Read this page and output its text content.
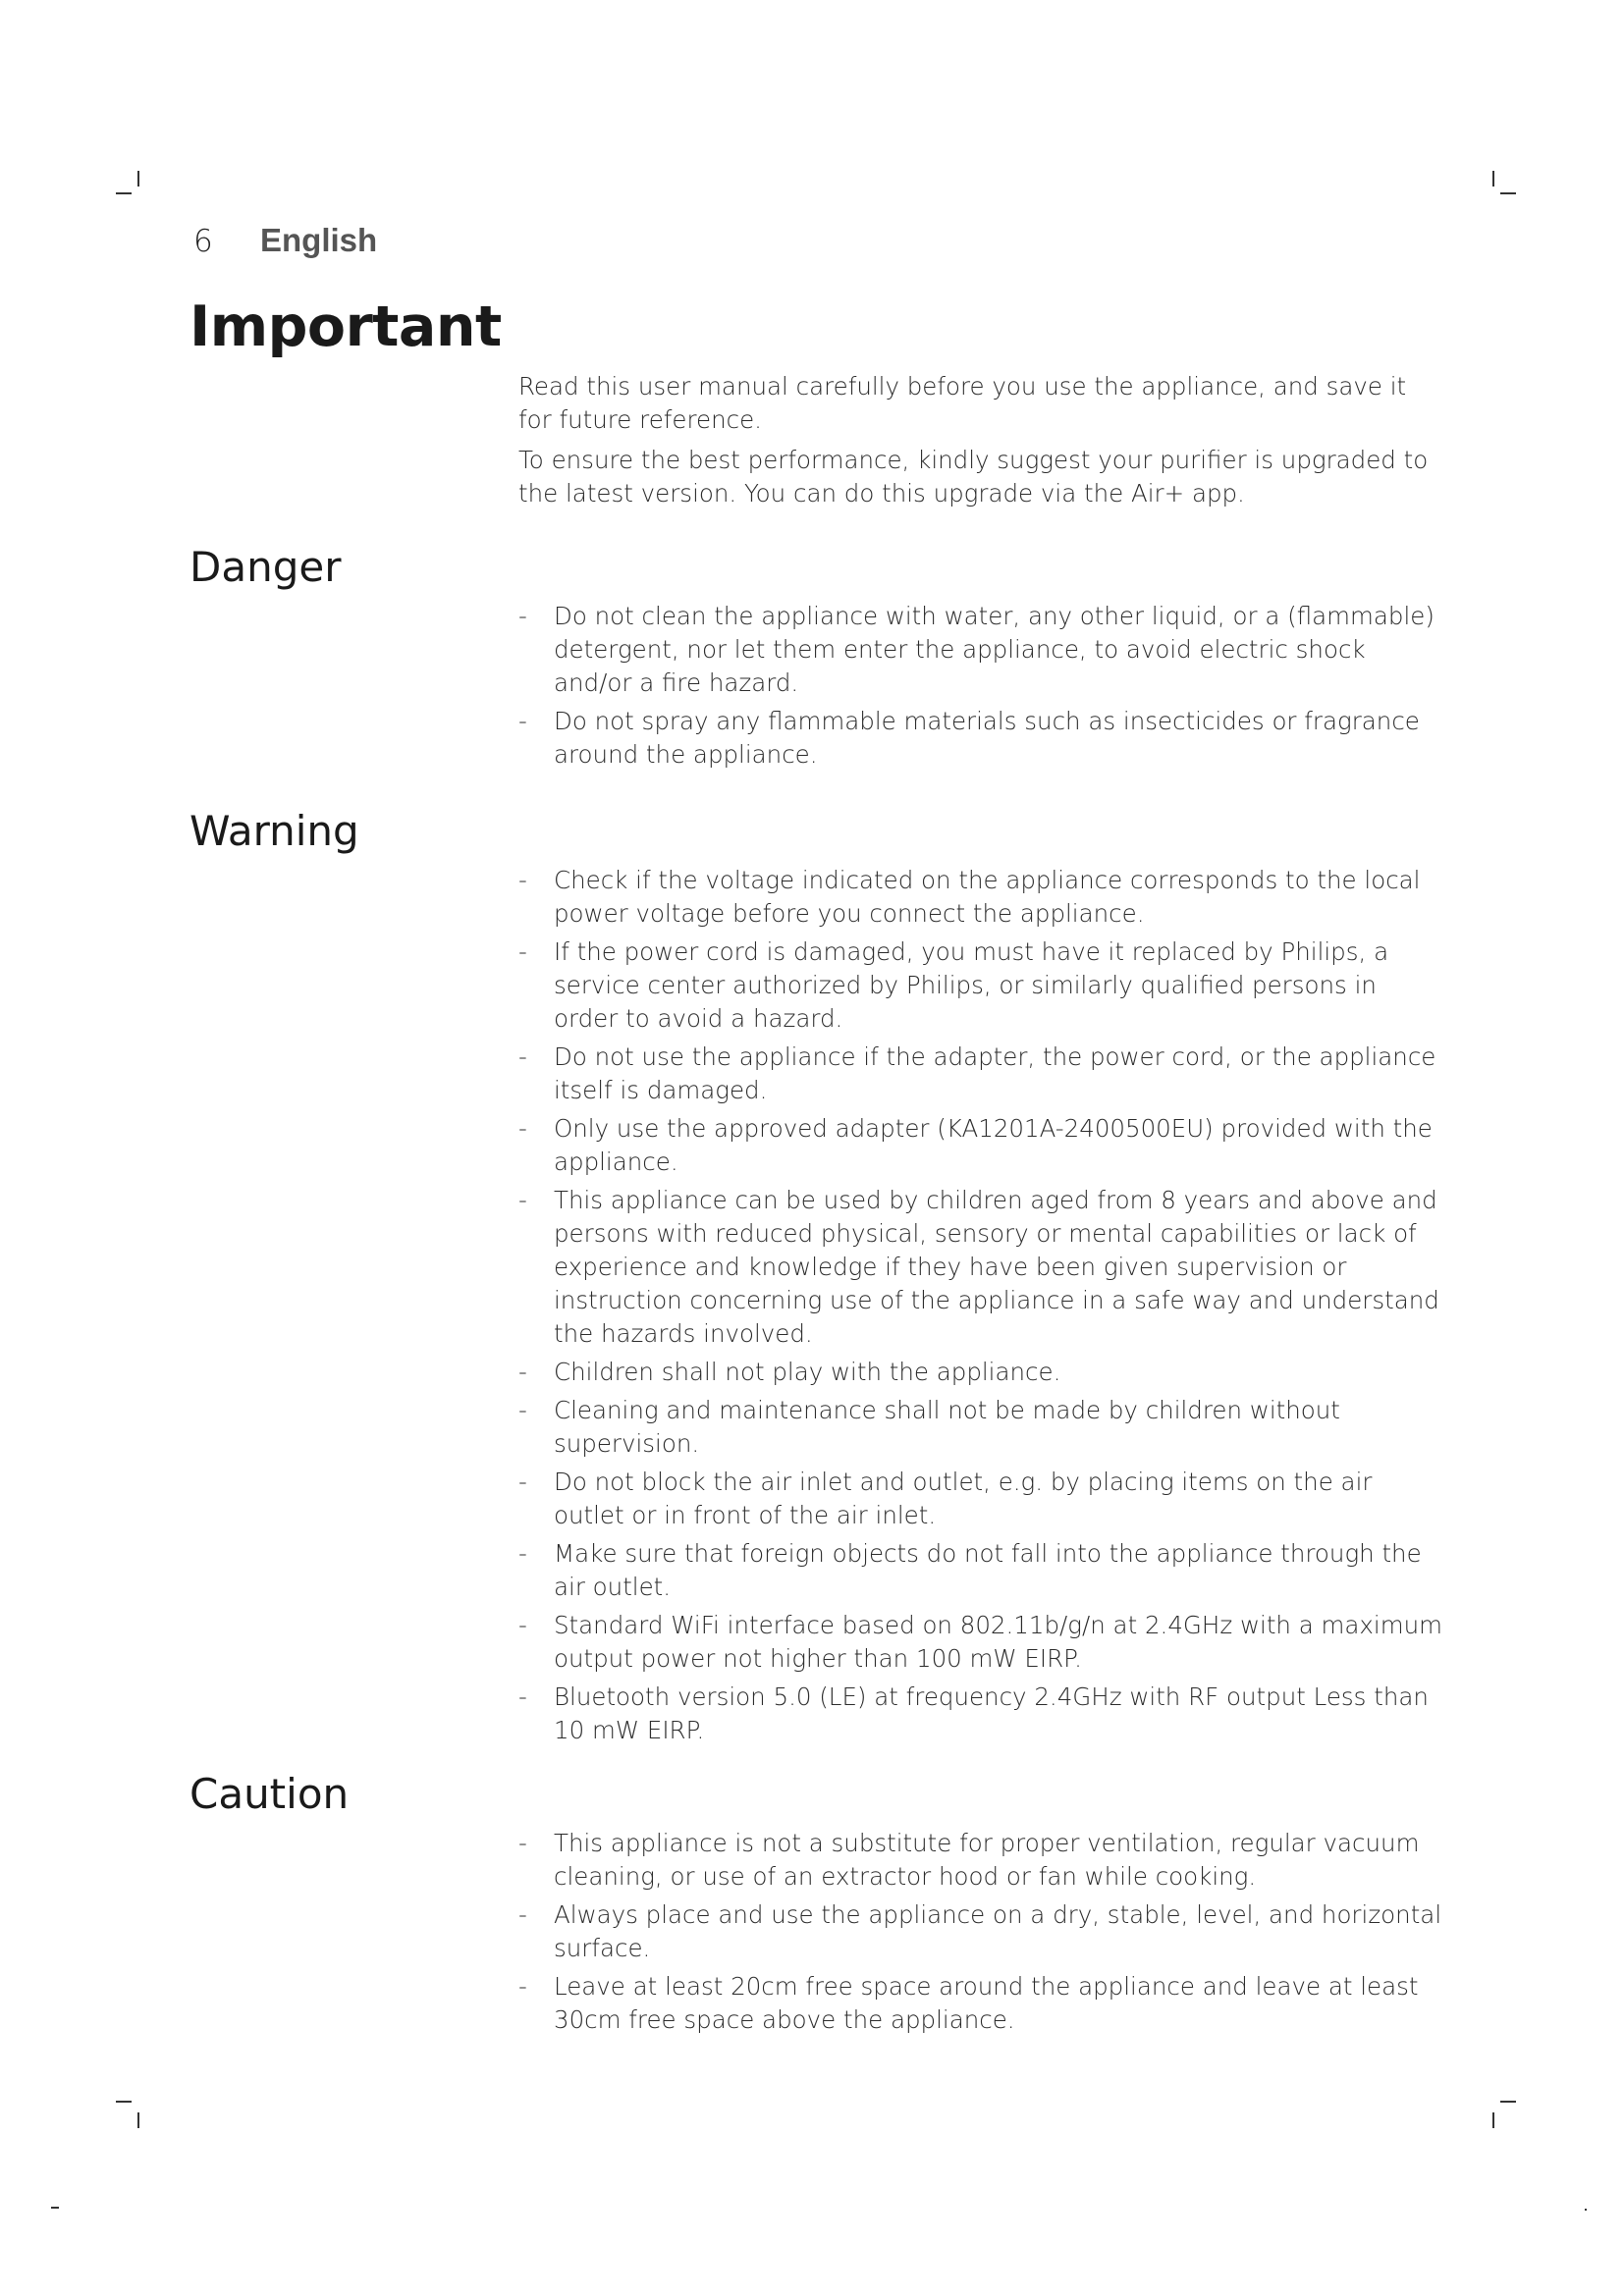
6	English
Important

Read this user manual carefully before you use the appliance, and save it for future reference.

To ensure the best performance, kindly suggest your purifier is upgraded to the latest version. You can do this upgrade via the Air+ app.

Danger
- Do not clean the appliance with water, any other liquid, or a (flammable) detergent, nor let them enter the appliance, to avoid electric shock and/or a fire hazard.
- Do not spray any flammable materials such as insecticides or fragrance around the appliance.
Warning
- Check if the voltage indicated on the appliance corresponds to the local power voltage before you connect the appliance.
- If the power cord is damaged, you must have it replaced by Philips, a service center authorized by Philips, or similarly qualified persons in order to avoid a hazard.
- Do not use the appliance if the adapter, the power cord, or the appliance itself is damaged.
- Only use the approved adapter (KA1201A-2400500EU) provided with the appliance.
- This appliance can be used by children aged from 8 years and above and persons with reduced physical, sensory or mental capabilities or lack of experience and knowledge if they have been given supervision or instruction concerning use of the appliance in a safe way and understand the hazards involved.
- Children shall not play with the appliance.
- Cleaning and maintenance shall not be made by children without supervision.
- Do not block the air inlet and outlet, e.g. by placing items on the air outlet or in front of the air inlet.
- Make sure that foreign objects do not fall into the appliance through the air outlet.
- Standard WiFi interface based on 802.11b/g/n at 2.4GHz with a maximum output power not higher than 100 mW EIRP.
- Bluetooth version 5.0 (LE) at frequency 2.4GHz with RF output Less than 10 mW EIRP.
Caution
- This appliance is not a substitute for proper ventilation, regular vacuum cleaning, or use of an extractor hood or fan while cooking.
- Always place and use the appliance on a dry, stable, level, and horizontal surface.
- Leave at least 20cm free space around the appliance and leave at least 30cm free space above the appliance.
